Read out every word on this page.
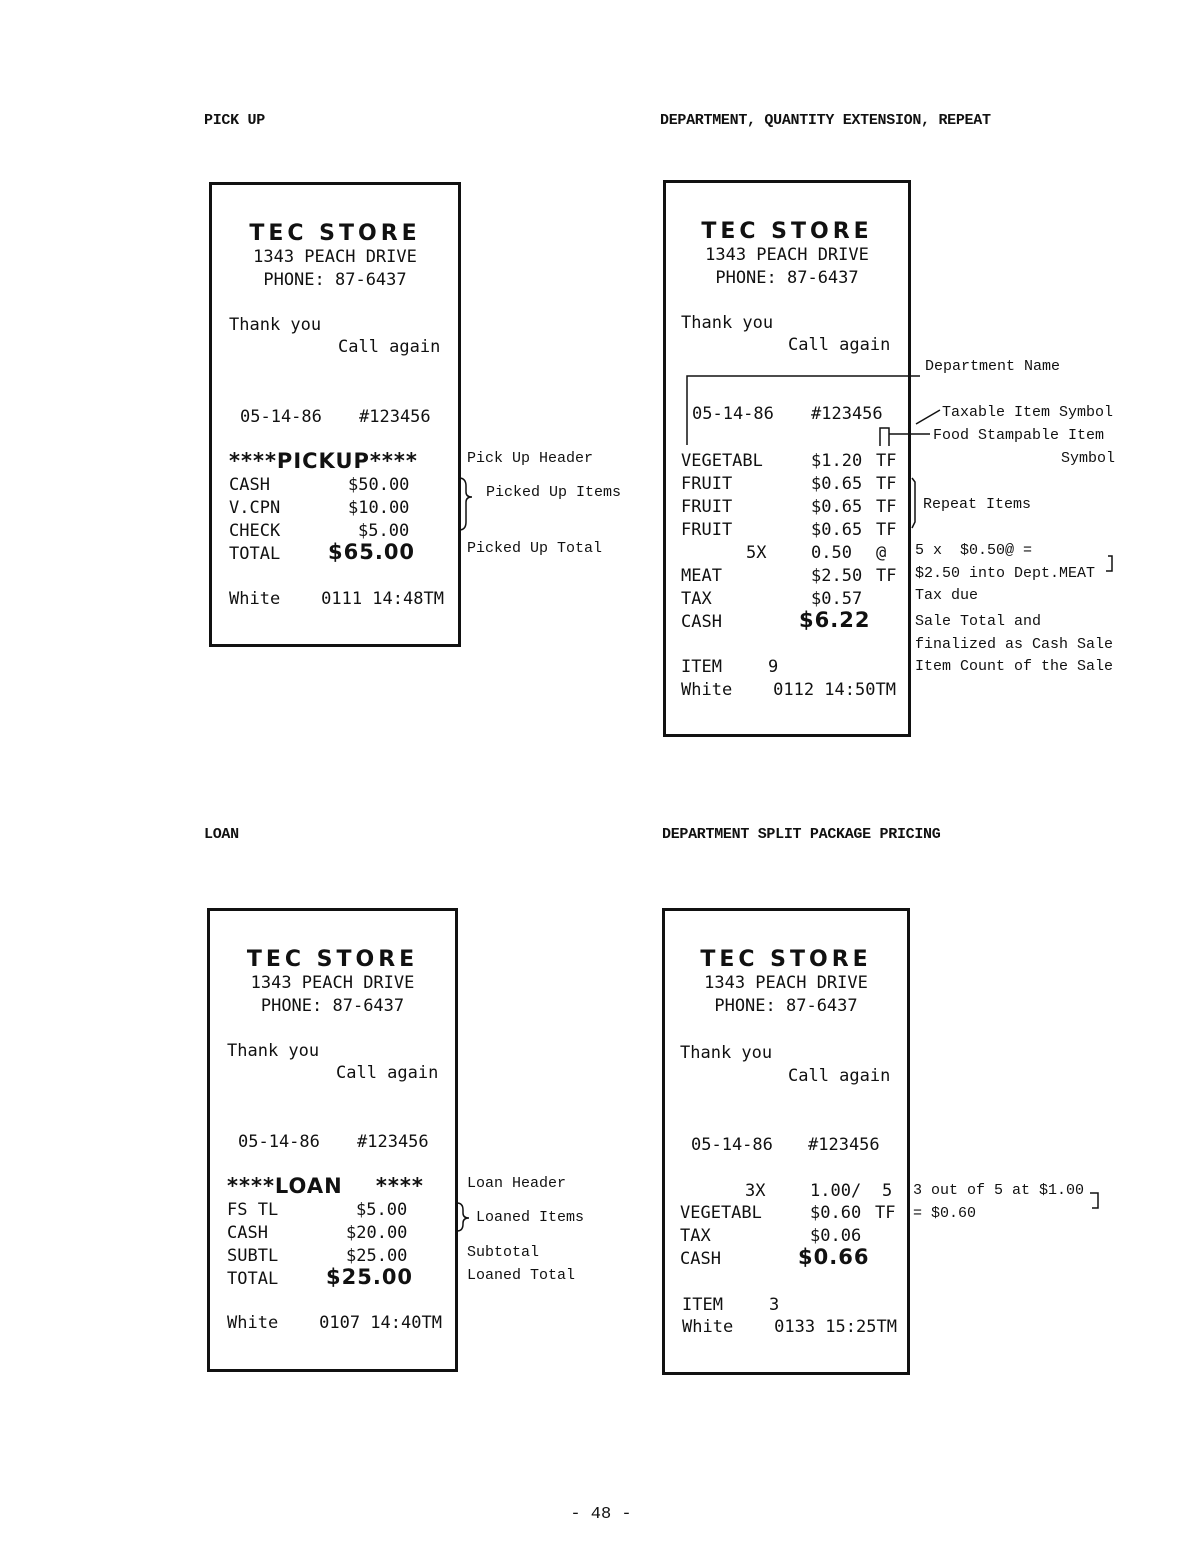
PICK UP	DEPARTMENT, QUANTITY EXTENSION, REPEAT
LOAN	DEPARTMENT SPLIT PACKAGE PRICING
TEC STORE
1343 PEACH DRIVE
PHONE: 87-6437
Thank you
Call again
05-14-86 #123456
****PICKUP****
CASH	$50.00
V.CPN	$10.00
CHECK	$5.00
TOTAL $65.00
White    0111 14:48TM
Pick Up Header
Picked Up Items
Picked Up Total
TEC STORE
1343 PEACH DRIVE
PHONE: 87-6437
Thank you
Call again
05-14-86 #123456
VEGETABL	$1.20 TF
FRUIT	$0.65 TF
FRUIT	$0.65 TF
FRUIT	$0.65 TF
5X	0.50 @
MEAT	$2.50 TF
TAX	$0.57
CASH	$6.22
ITEM	9
White    0112 14:50TM
Department Name
Taxable Item Symbol
Food Stampable Item
Symbol
Repeat Items
5 x  $0.50@ =
$2.50 into Dept.MEAT
Tax due
Sale Total and
finalized as Cash Sale
Item Count of the Sale
TEC STORE
1343 PEACH DRIVE
PHONE: 87-6437
Thank you
Call again
05-14-86 #123456
****LOAN    ****
FS TL	$5.00
CASH	$20.00
SUBTL	$25.00
TOTAL $25.00
White    0107 14:40TM
Loan Header
Loaned Items
Subtotal
Loaned Total
TEC STORE
1343 PEACH DRIVE
PHONE: 87-6437
Thank you
Call again
05-14-86 #123456
3X	1.00/ 5
VEGETABL	$0.60 TF
TAX	$0.06
CASH	$0.66
ITEM	3
White    0133 15:25TM
3 out of 5 at $1.00
= $0.60
- 48 -
